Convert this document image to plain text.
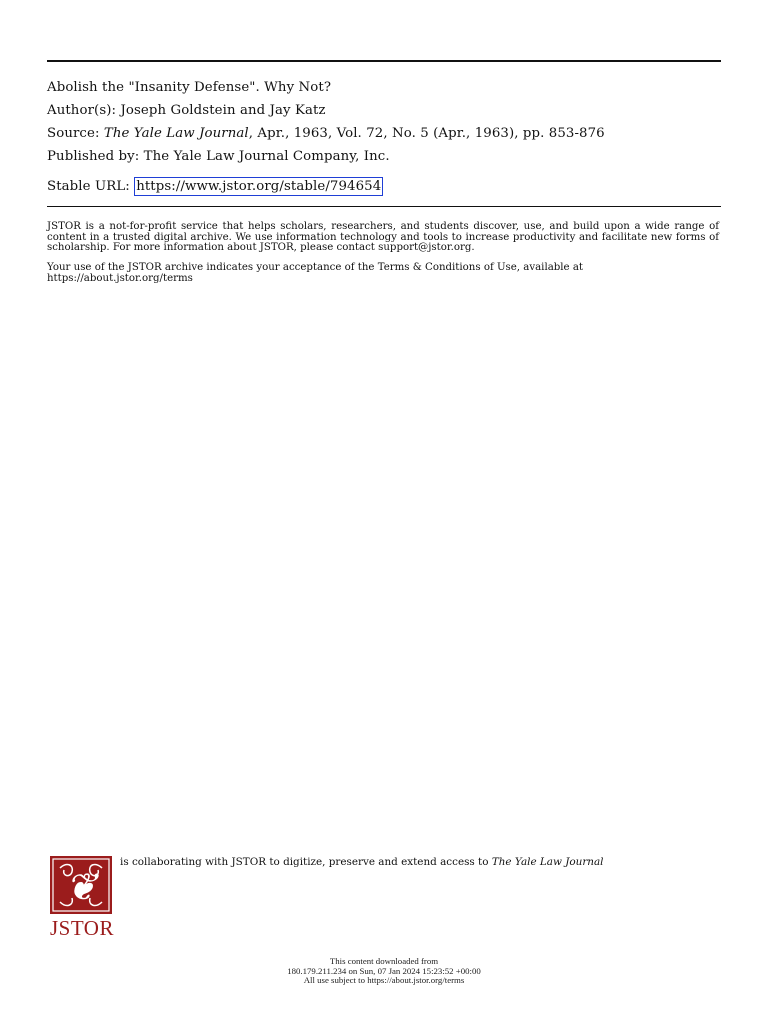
Abolish the "Insanity Defense". Why Not?
Author(s): Joseph Goldstein and Jay Katz
Source: The Yale Law Journal, Apr., 1963, Vol. 72, No. 5 (Apr., 1963), pp. 853-876
Published by: The Yale Law Journal Company, Inc.
Stable URL: https://www.jstor.org/stable/794654
JSTOR is a not-for-profit service that helps scholars, researchers, and students discover, use, and build upon a wide range of content in a trusted digital archive. We use information technology and tools to increase productivity and facilitate new forms of scholarship. For more information about JSTOR, please contact support@jstor.org.
Your use of the JSTOR archive indicates your acceptance of the Terms & Conditions of Use, available at
https://about.jstor.org/terms
❦
JSTOR
is collaborating with JSTOR to digitize, preserve and extend access to The Yale Law Journal
This content downloaded from
180.179.211.234 on Sun, 07 Jan 2024 15:23:52 +00:00
All use subject to https://about.jstor.org/terms
